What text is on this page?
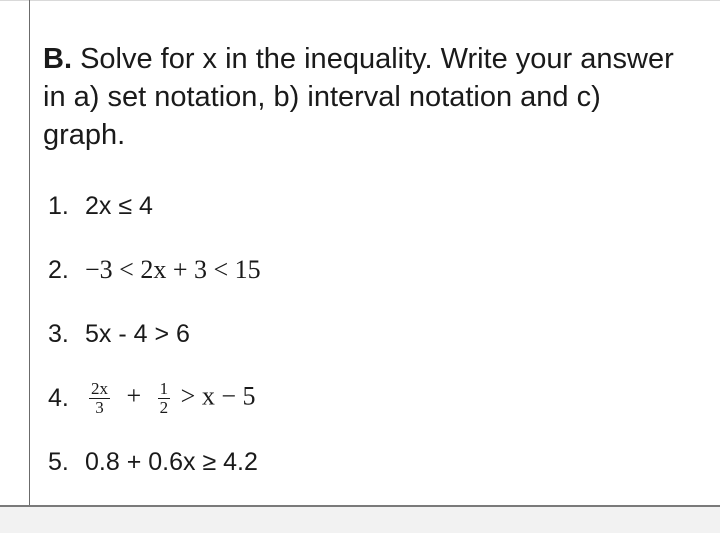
B. Solve for x in the inequality. Write your answer in a) set notation, b) interval notation and c) graph.

1. 2x ≤ 4
2. −3 < 2x + 3 < 15
3. 5x - 4 > 6
4.	$\frac{2x}{3} + \frac{1}{2} > x - 5$
5. 0.8 + 0.6x ≥ 4.2
